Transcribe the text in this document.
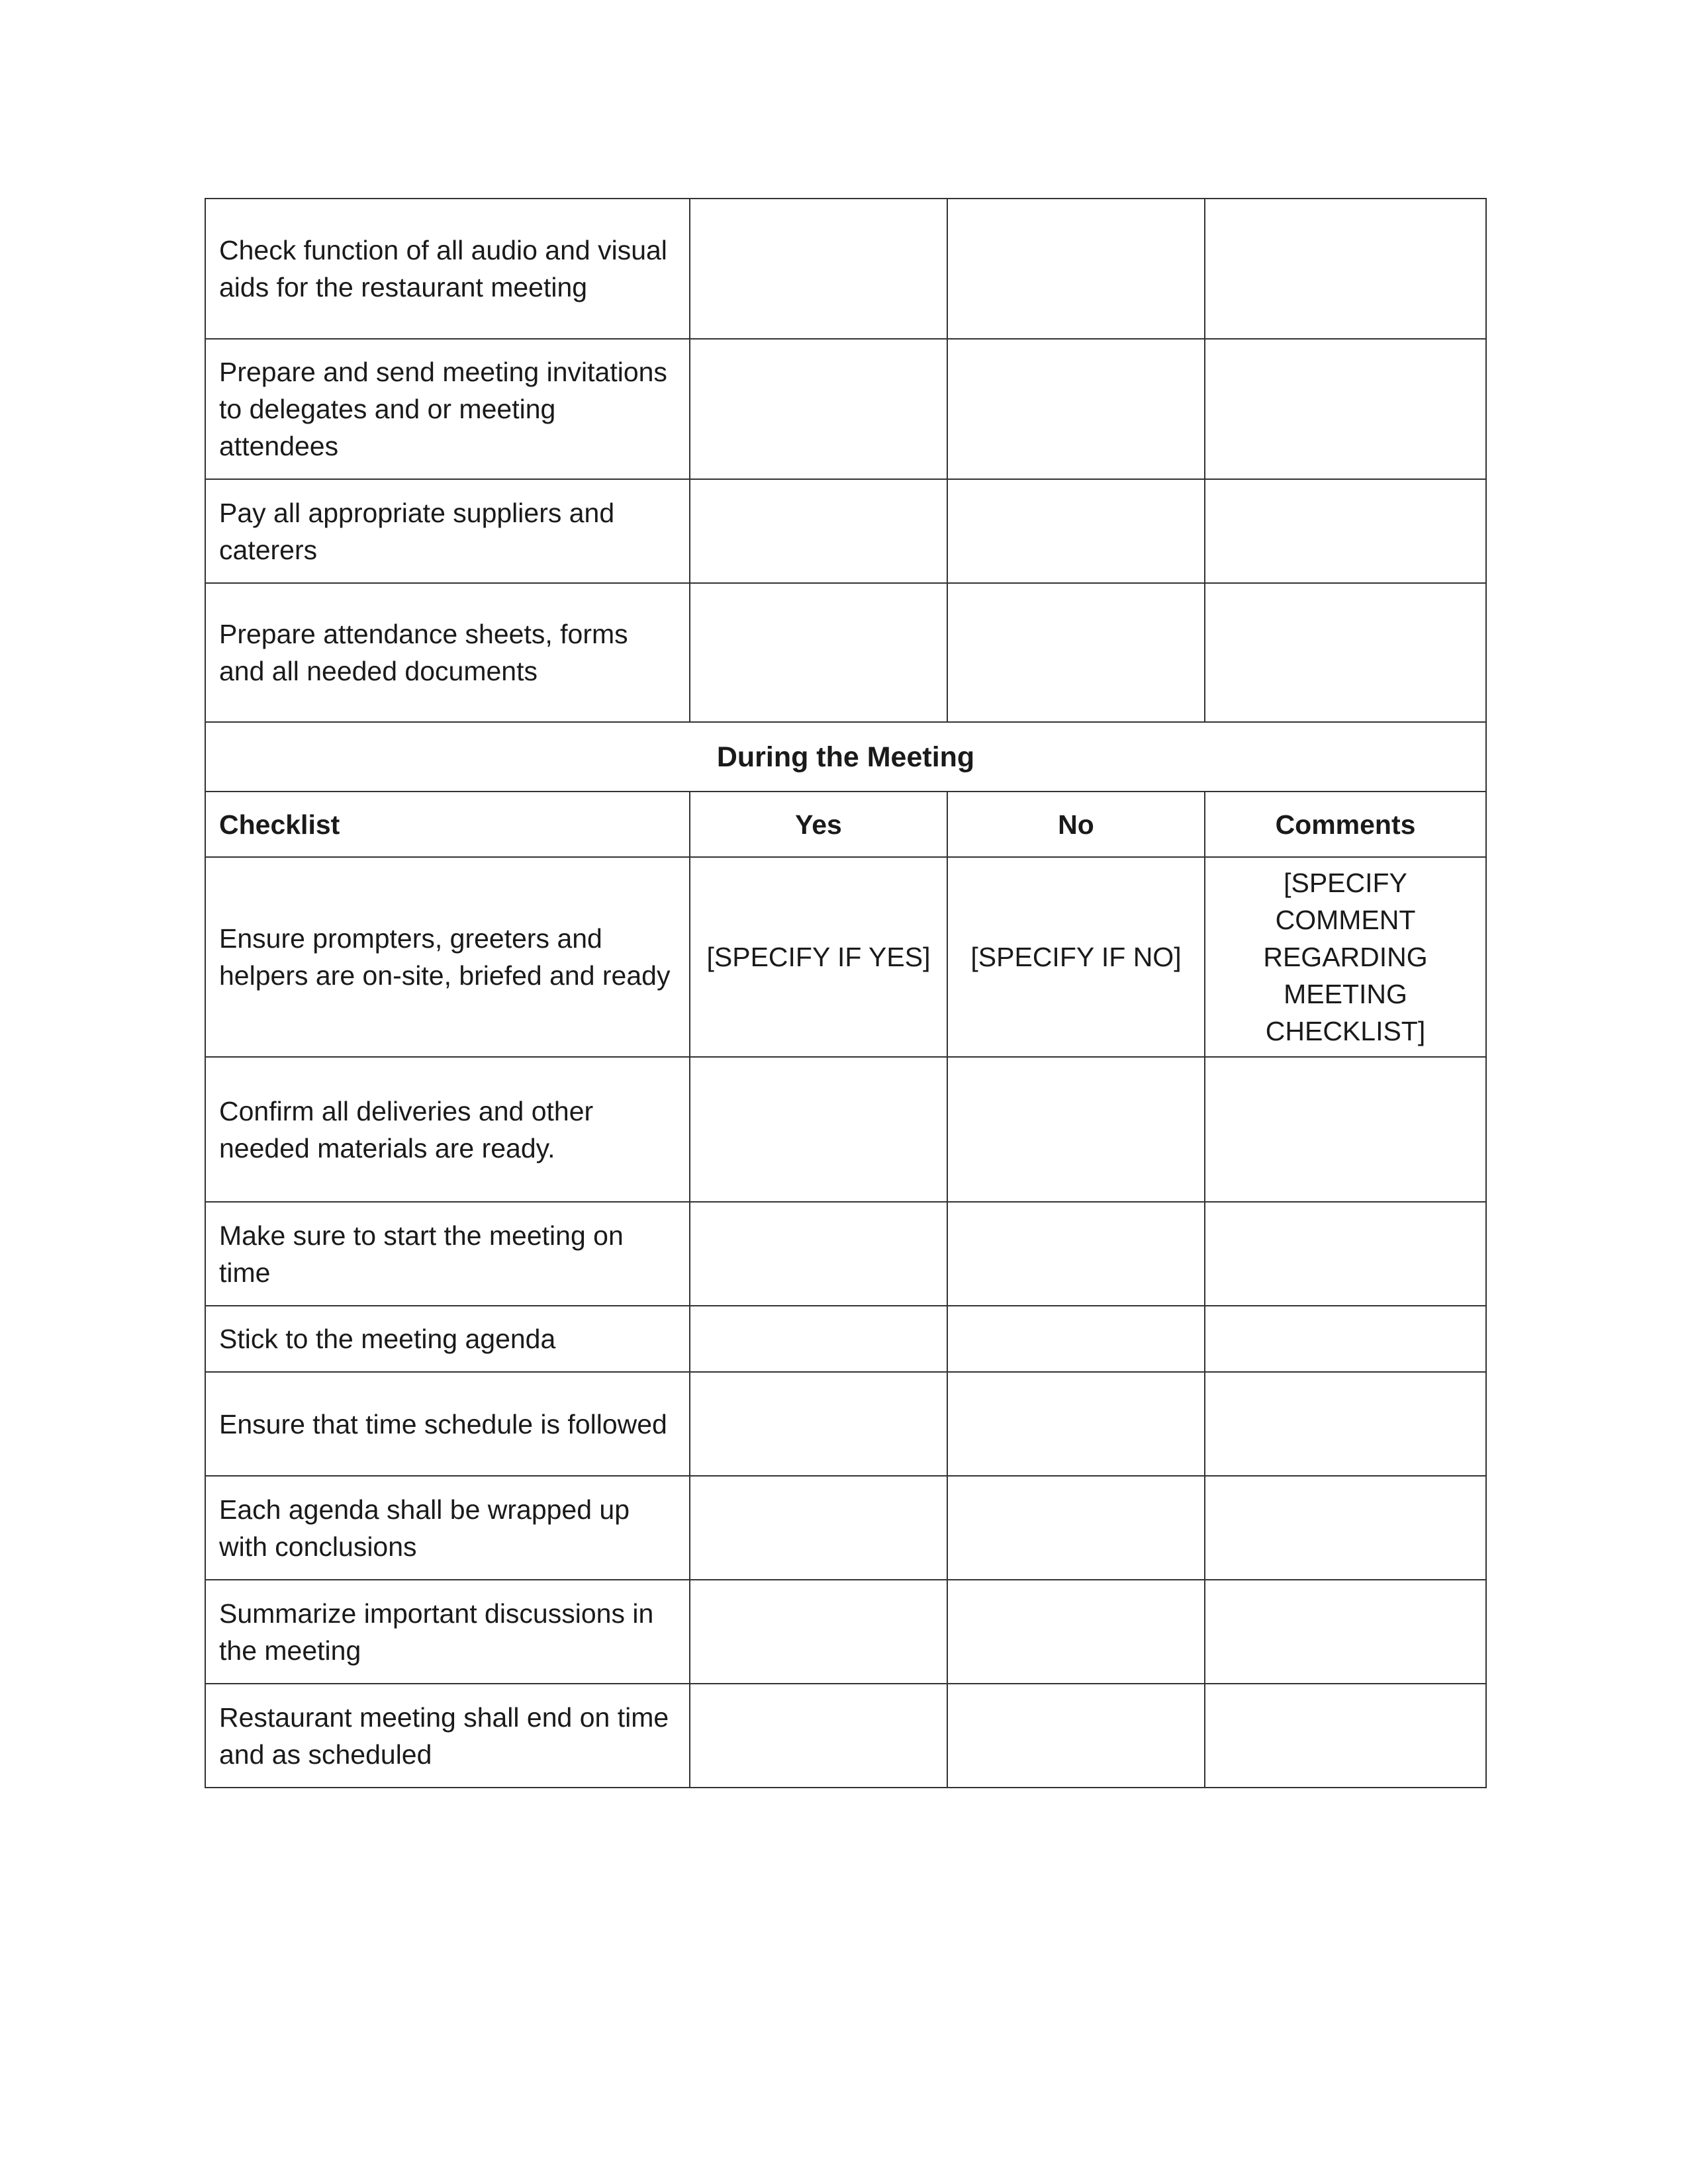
Check function of all audio and visual aids for the restaurant meeting			
Prepare and send meeting invitations to delegates and or meeting attendees			
Pay all appropriate suppliers and caterers			
Prepare attendance sheets, forms and all needed documents			
During the Meeting			
Checklist	Yes	No	Comments
Ensure prompters, greeters and helpers are on-site, briefed and ready	[SPECIFY IF YES]	[SPECIFY IF NO]	[SPECIFY COMMENT REGARDING MEETING CHECKLIST]
Confirm all deliveries and other needed materials are ready.			
Make sure to start the meeting on time			
Stick to the meeting agenda			
Ensure that time schedule is followed			
Each agenda shall be wrapped up with conclusions			
Summarize important discussions in the meeting			
Restaurant meeting shall end on time and as scheduled			
